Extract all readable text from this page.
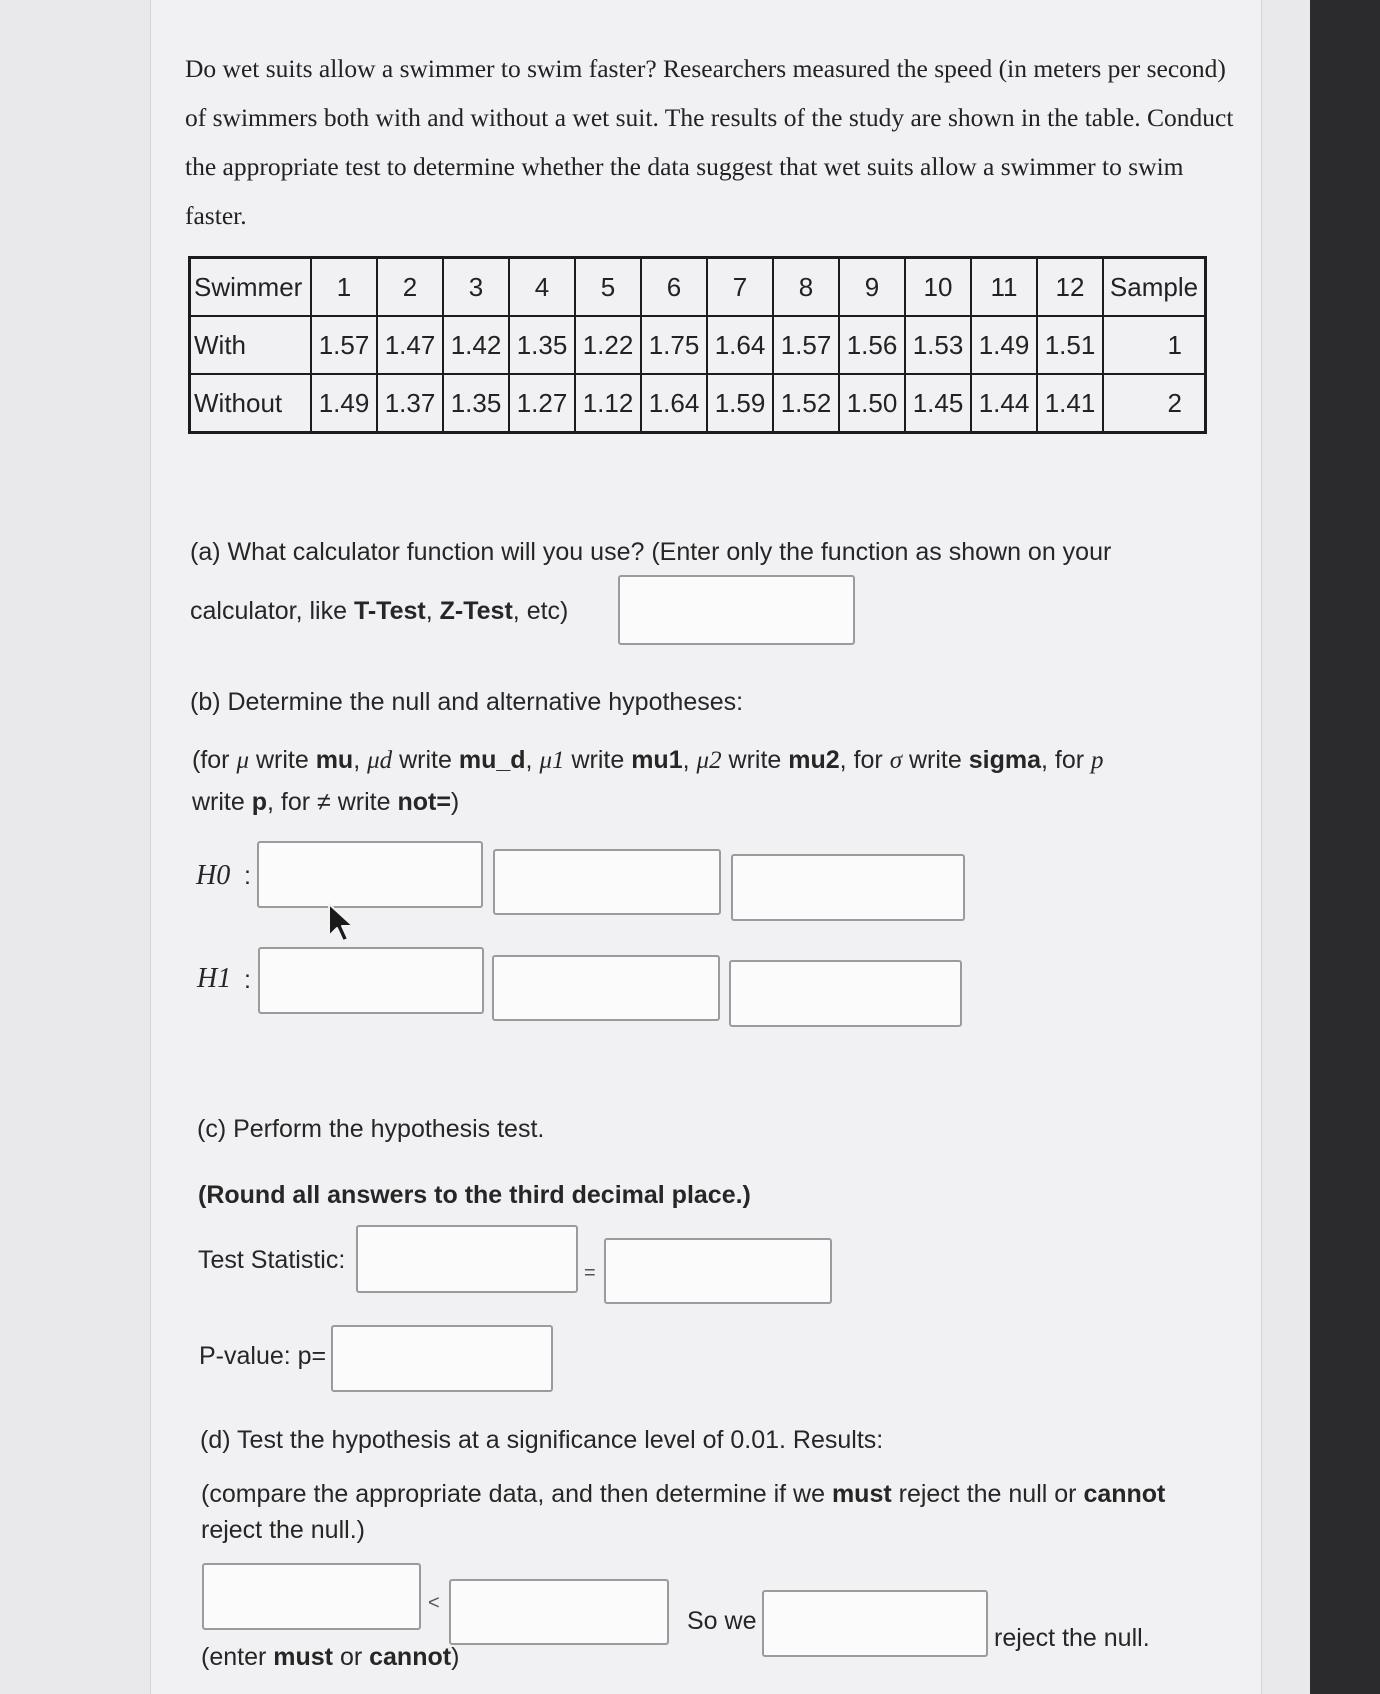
Do wet suits allow a swimmer to swim faster? Researchers measured the speed (in meters per second) of swimmers both with and without a wet suit. The results of the study are shown in the table. Conduct the appropriate test to determine whether the data suggest that wet suits allow a swimmer to swim faster.
Swimmer	1	2	3	4	5	6	7	8	9	10	11	12	Sample
With	1.57	1.47	1.42	1.35	1.22	1.75	1.64	1.57	1.56	1.53	1.49	1.51	1
Without	1.49	1.37	1.35	1.27	1.12	1.64	1.59	1.52	1.50	1.45	1.44	1.41	2
(a) What calculator function will you use? (Enter only the function as shown on your
calculator, like T-Test, Z-Test, etc)
(b) Determine the null and alternative hypotheses:
(for μ write mu, μd write mu_d, μ1 write mu1, μ2 write mu2, for σ write sigma, for p
write p, for ≠ write not=)
H0 :
H1 :
(c) Perform the hypothesis test.
(Round all answers to the third decimal place.)
Test Statistic:	=
P-value: p=
(d) Test the hypothesis at a significance level of 0.01. Results:
(compare the appropriate data, and then determine if we must reject the null or cannot
reject the null.)
<
So we
reject the null.
(enter must or cannot)
